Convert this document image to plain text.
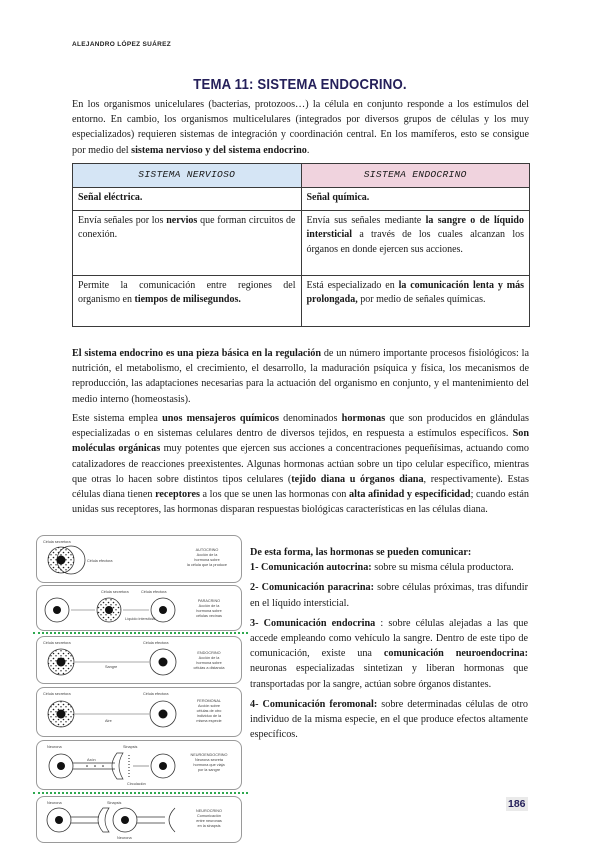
ALEJANDRO LÓPEZ SUÁREZ
TEMA 11: SISTEMA ENDOCRINO.
En los organismos unicelulares (bacterias, protozoos…) la célula en conjunto responde a los estímulos del entorno. En cambio, los organismos multicelulares (integrados por diversos grupos de células y los muy especializados) requieren sistemas de integración y coordinación central. En los mamíferos, esto se consigue por medio del sistema nervioso y del sistema endocrino.
SISTEMA NERVIOSO	SISTEMA ENDOCRINO
Señal eléctrica.	Señal química.
Envía señales por los nervios que forman circuitos de conexión.	Envía sus señales mediante la sangre o de líquido intersticial a través de los cuales alcanzan los órganos en donde ejercen sus acciones.
Permite la comunicación entre regiones del organismo en tiempos de milisegundos.	Está especializado en la comunicación lenta y más prolongada, por medio de señales químicas.
El sistema endocrino es una pieza básica en la regulación de un número importante procesos fisiológicos: la nutrición, el metabolismo, el crecimiento, el desarrollo, la maduración psíquica y física, los mecanismos de reproducción, las adaptaciones necesarias para la actuación del organismo en conjunto, y el mantenimiento del medio interno (homeostasis).
Este sistema emplea unos mensajeros químicos denominados hormonas que son producidos en glándulas especializadas o en sistemas celulares dentro de diversos tejidos, en respuesta a estímulos específicos. Son moléculas orgánicas muy potentes que ejercen sus acciones a concentraciones pequeñísimas, actuando como catalizadores de reacciones preexistentes. Algunas hormonas actúan sobre un tipo celular específico, mientras que otras lo hacen sobre distintos tipos celulares (tejido diana u órganos diana, respectivamente). Estas células diana tienen receptores a los que se unen las hormonas con alta afinidad y especificidad; cuando están unidas sus receptores, las hormonas disparan respuestas biológicas características en las células diana.
Célula secretora
Célula efectora
AUTOCRINO
Acción de la
hormona sobre
la célula que la produce
Célula secretora	Célula efectora
Líquido intersticial
PARACRINO
Acción de la
hormona sobre
células vecinas
Célula secretora	Célula efectora
Sangre
ENDOCRINO
Acción de la
hormona sobre
células a distancia
Célula secretora	Célula efectora
Aire
FEROMONAL
Acción sobre
células de otro
individuo de la
misma especie
Neurona
Axón
Sinapsis
Circulación
NEUROENDOCRINO
Neurona secreta
hormona que viaja
por la sangre
Neurona	Sinapsis
Neurona
NEUROCRINO
Comunicación
entre neuronas
en la sinapsis
De esta forma, las hormonas se pueden comunicar:
1- Comunicación autocrina: sobre su misma célula productora.
2- Comunicación paracrina: sobre células próximas, tras difundir en el líquido intersticial.
3- Comunicación endocrina : sobre células alejadas a las que accede empleando como vehículo la sangre. Dentro de este tipo de comunicación, existe una comunicación neuroendocrina: neuronas especializadas sintetizan y liberan hormonas que transportadas por la sangre, actúan sobre órganos distantes.
4- Comunicación feromonal: sobre determinadas células de otro individuo de la misma especie, en el que produce efectos altamente específicos.
186
